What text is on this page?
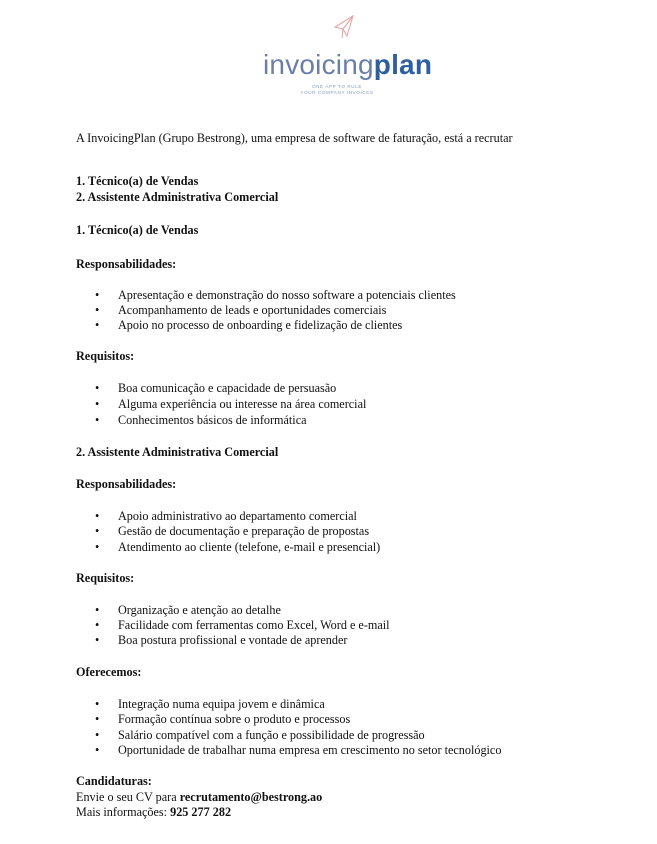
invoicingplan
ONE APP TO RULE
YOUR COMPANY INVOICES
A InvoicingPlan (Grupo Bestrong), uma empresa de software de faturação, está a recrutar
1. Técnico(a) de Vendas
2. Assistente Administrativa Comercial
1. Técnico(a) de Vendas
Responsabilidades:
• Apresentação e demonstração do nosso software a potenciais clientes
• Acompanhamento de leads e oportunidades comerciais
• Apoio no processo de onboarding e fidelização de clientes
Requisitos:
• Boa comunicação e capacidade de persuasão
• Alguma experiência ou interesse na área comercial
• Conhecimentos básicos de informática
2. Assistente Administrativa Comercial
Responsabilidades:
• Apoio administrativo ao departamento comercial
• Gestão de documentação e preparação de propostas
• Atendimento ao cliente (telefone, e-mail e presencial)
Requisitos:
• Organização e atenção ao detalhe
• Facilidade com ferramentas como Excel, Word e e-mail
• Boa postura profissional e vontade de aprender
Oferecemos:
• Integração numa equipa jovem e dinâmica
• Formação contínua sobre o produto e processos
• Salário compatível com a função e possibilidade de progressão
• Oportunidade de trabalhar numa empresa em crescimento no setor tecnológico
Candidaturas:
Envie o seu CV para recrutamento@bestrong.ao
Mais informações: 925 277 282
